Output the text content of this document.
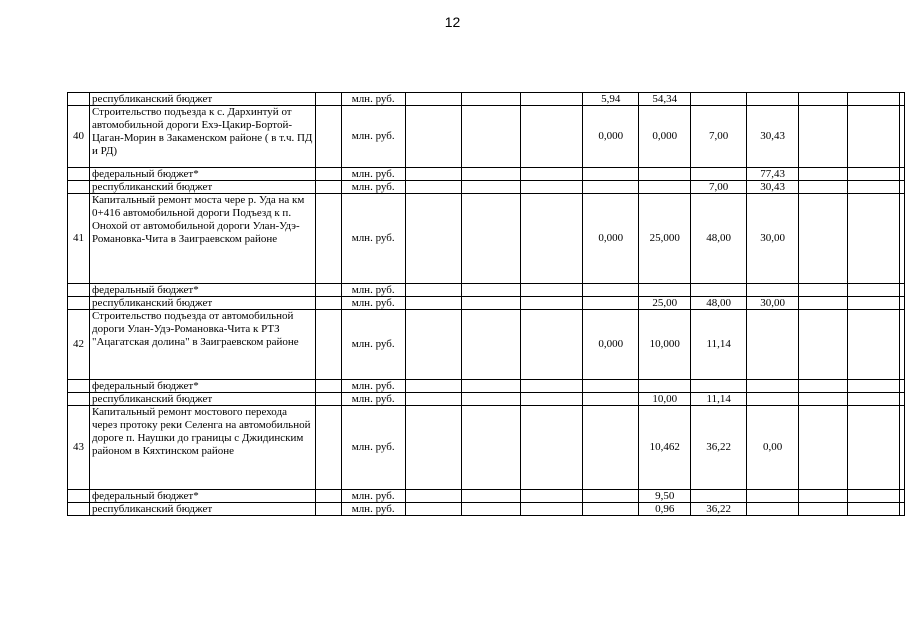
12
	республиканский бюджет		млн. руб.				5,94	54,34					
40	Строительство подъезда к с. Дархинтуй от автомобильной дороги Ехэ-Цакир-Бортой-Цаган-Морин в Закаменском районе ( в т.ч. ПД и РД)		млн. руб.				0,000	0,000	7,00	30,43			
	федеральный бюджет*		млн. руб.							77,43			
	республиканский бюджет		млн. руб.						7,00	30,43			
41	Капитальный ремонт моста чере р. Уда на км 0+416 автомобильной дороги Подъезд к п. Онохой от автомобильной дороги Улан-Удэ-Романовка-Чита в Заиграевском районе		млн. руб.				0,000	25,000	48,00	30,00			
	федеральный бюджет*		млн. руб.										
	республиканский бюджет		млн. руб.					25,00	48,00	30,00			
42	Строительство подъезда от автомобильной дороги Улан-Удэ-Романовка-Чита к РТЗ "Ацагатская долина" в Заиграевском районе		млн. руб.				0,000	10,000	11,14				
	федеральный бюджет*		млн. руб.										
	республиканский бюджет		млн. руб.					10,00	11,14				
43	Капитальный ремонт мостового перехода через протоку реки Селенга на автомобильной дороге п. Наушки до границы с Джидинским районом в Кяхтинском районе		млн. руб.					10,462	36,22	0,00			
	федеральный бюджет*		млн. руб.					9,50					
	республиканский бюджет		млн. руб.					0,96	36,22				
